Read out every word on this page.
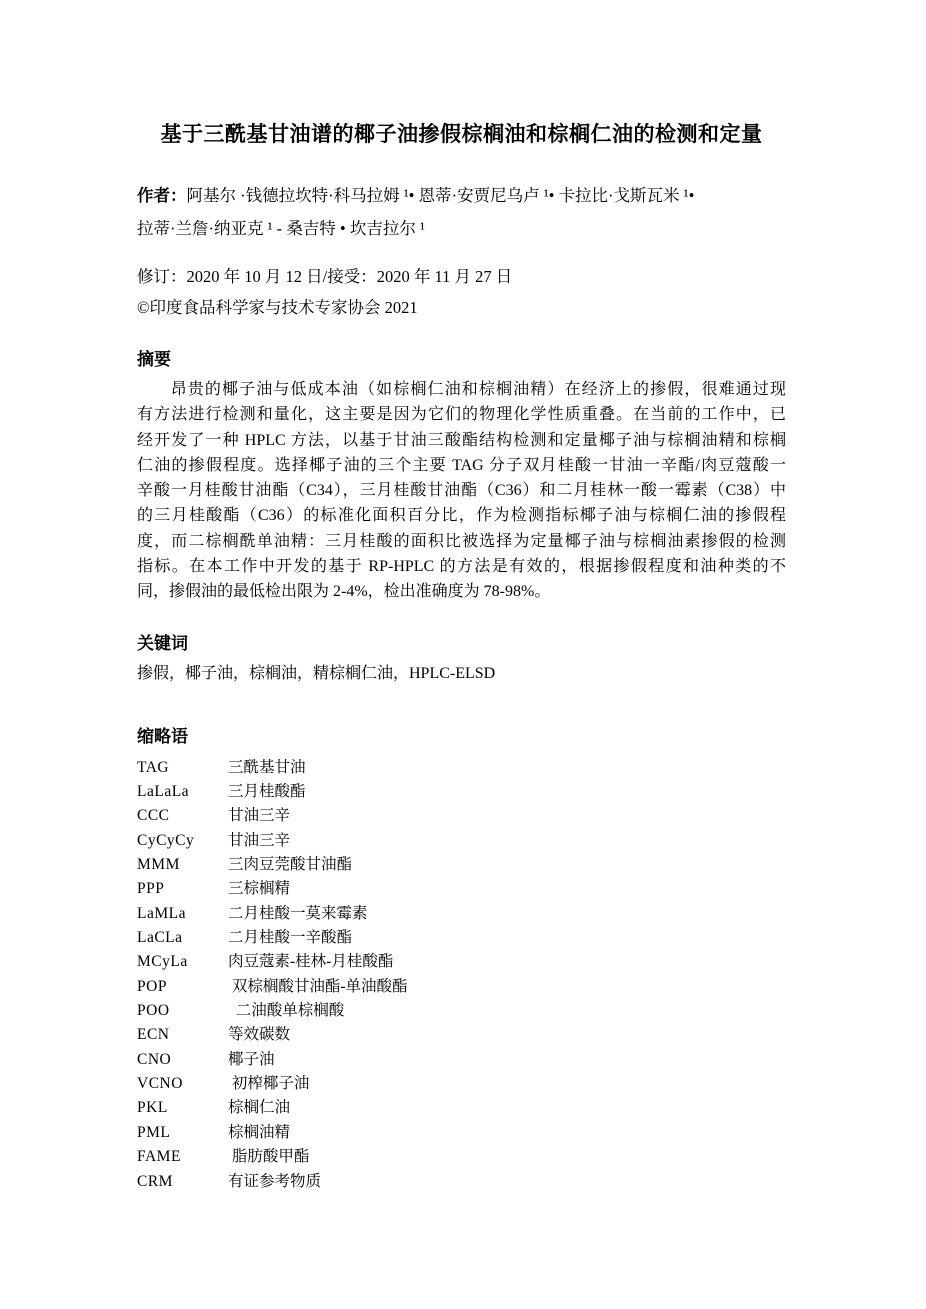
基于三酰基甘油谱的椰子油掺假棕榈油和棕榈仁油的检测和定量
作者：阿基尔 ·钱德拉坎特·科马拉姆 ¹• 恩蒂·安贾尼乌卢 ¹• 卡拉比·戈斯瓦米 ¹•
拉蒂·兰詹·纳亚克 ¹ - 桑吉特 • 坎吉拉尔 ¹
修订：2020 年 10 月 12 日/接受：2020 年 11 月 27 日
©印度食品科学家与技术专家协会 2021
摘要
昂贵的椰子油与低成本油（如棕榈仁油和棕榈油精）在经济上的掺假，很难通过现
有方法进行检测和量化，这主要是因为它们的物理化学性质重叠。在当前的工作中，已
经开发了一种 HPLC 方法，以基于甘油三酸酯结构检测和定量椰子油与棕榈油精和棕榈
仁油的掺假程度。选择椰子油的三个主要 TAG 分子双月桂酸一甘油一辛酯/肉豆蔻酸一
辛酸一月桂酸甘油酯（C34），三月桂酸甘油酯（C36）和二月桂林一酸一霉素（C38）中
的三月桂酸酯（C36）的标准化面积百分比，作为检测指标椰子油与棕榈仁油的掺假程
度，而二棕榈酰单油精：三月桂酸的面积比被选择为定量椰子油与棕榈油素掺假的检测
指标。在本工作中开发的基于 RP-HPLC 的方法是有效的，根据掺假程度和油种类的不
同，掺假油的最低检出限为 2-4%，检出准确度为 78-98%。
关键词
掺假，椰子油，棕榈油，精棕榈仁油，HPLC-ELSD
缩略语
TAG	三酰基甘油
LaLaLa	三月桂酸酯
CCC	甘油三辛
CyCyCy	甘油三辛
MMM	三肉豆莞酸甘油酯
PPP	三棕榈精
LaMLa	二月桂酸一莫来霉素
LaCLa	二月桂酸一辛酸酯
MCyLa	肉豆蔻素-桂林-月桂酸酯
POP	双棕榈酸甘油酯-单油酸酯
POO	二油酸单棕榈酸
ECN	等效碳数
CNO	椰子油
VCNO	初榨椰子油
PKL	棕榈仁油
PML	棕榈油精
FAME	脂肪酸甲酯
CRM	有证参考物质
